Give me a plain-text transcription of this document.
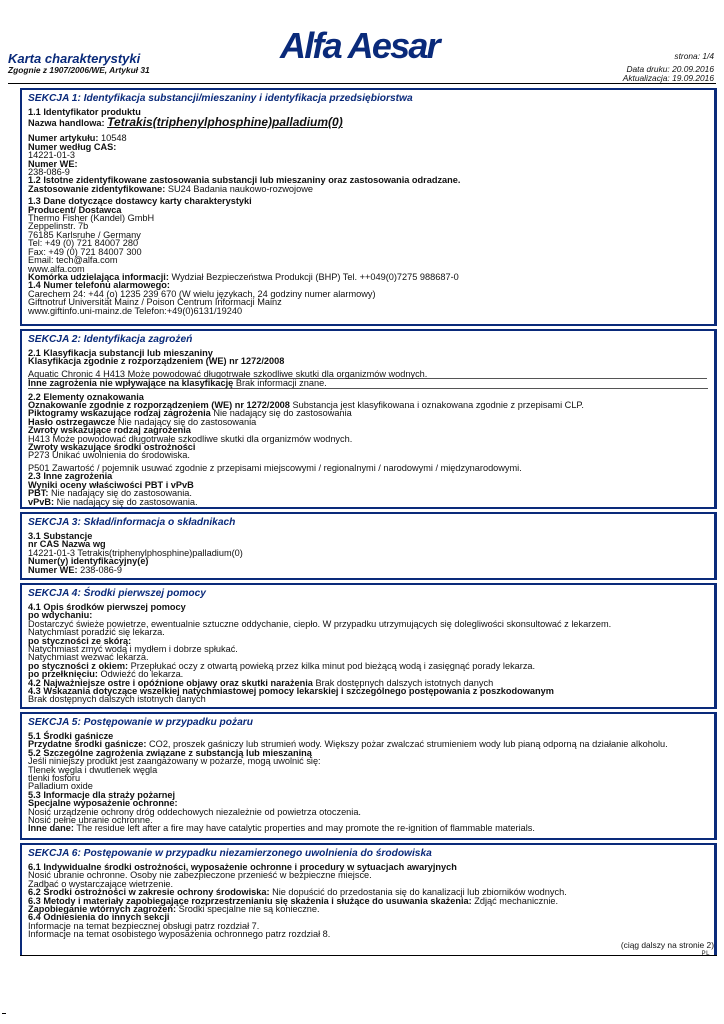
Karta charakterystyki
Zgognie z 1907/2006/WE, Artykuł 31
Alfa Aesar	strona: 1/4
Data druku: 20.09.2016
Aktualizacja: 19.09.2016
SEKCJA 1: Identyfikacja substancji/mieszaniny i identyfikacja przedsiębiorstwa
1.1 Identyfikator produktu
Nazwa handlowa: Tetrakis(triphenylphosphine)palladium(0)
Numer artykułu: 10548
Numer według CAS:
14221-01-3
Numer WE:
238-086-9
1.2 Istotne zidentyfikowane zastosowania substancji lub mieszaniny oraz zastosowania odradzane.
Zastosowanie zidentyfikowane: SU24 Badania naukowo-rozwojowe
1.3 Dane dotyczące dostawcy karty charakterystyki
Producent/ Dostawca
Thermo Fisher (Kandel) GmbH
Zeppelinstr. 7b
76185 Karlsruhe / Germany
Tel: +49 (0) 721 84007 280
Fax: +49 (0) 721 84007 300
Email: tech@alfa.com
www.alfa.com
Komórka udzielająca informacji: Wydział Bezpieczeństwa Produkcji (BHP) Tel. ++049(0)7275 988687-0
1.4 Numer telefonu alarmowego:
Carechem 24: +44 (o) 1235 239 670 (W wielu językach, 24 godziny numer alarmowy)
Giftnotruf Universität Mainz / Poison Centrum Informacji Mainz
www.giftinfo.uni-mainz.de Telefon:+49(0)6131/19240
SEKCJA 2: Identyfikacja zagrożeń
2.1 Klasyfikacja substancji lub mieszaniny
Klasyfikacja zgodnie z rozporządzeniem (WE) nr 1272/2008
Aquatic Chronic 4 H413 Może powodować długotrwałe szkodliwe skutki dla organizmów wodnych.
Inne zagrożenia nie wpływające na klasyfikację Brak informacji znane.
2.2 Elementy oznakowania
Oznakowanie zgodnie z rozporządzeniem (WE) nr 1272/2008 Substancja jest klasyfikowana i oznakowana zgodnie z przepisami CLP.
Piktogramy wskazujące rodzaj zagrożenia Nie nadający się do zastosowania
Hasło ostrzegawcze Nie nadający się do zastosowania
Zwroty wskazujące rodzaj zagrożenia
H413 Może powodować długotrwałe szkodliwe skutki dla organizmów wodnych.
Zwroty wskazujące środki ostrożności
P273 Unikać uwolnienia do środowiska.
P501 Zawartość / pojemnik usuwać zgodnie z przepisami miejscowymi / regionalnymi / narodowymi / międzynarodowymi.
2.3 Inne zagrożenia
Wyniki oceny właściwości PBT i vPvB
PBT: Nie nadający się do zastosowania.
vPvB: Nie nadający się do zastosowania.
SEKCJA 3: Skład/informacja o składnikach
3.1 Substancje
nr CAS Nazwa wg
14221-01-3 Tetrakis(triphenylphosphine)palladium(0)
Numer(y) identyfikacyjny(e)
Numer WE: 238-086-9
SEKCJA 4: Środki pierwszej pomocy
4.1 Opis środków pierwszej pomocy
po wdychaniu:
Dostarczyć świeże powietrze, ewentualnie sztuczne oddychanie, ciepło. W przypadku utrzymujących się dolegliwości skonsultować z lekarzem.
Natychmiast poradzić się lekarza.
po styczności ze skórą:
Natychmiast zmyć wodą i mydłem i dobrze spłukać.
Natychmiast wezwać lekarza.
po styczności z okiem: Przepłukać oczy z otwartą powieką przez kilka minut pod bieżącą wodą i zasięgnąć porady lekarza.
po przełknięciu: Odwieźć do lekarza.
4.2 Najważniejsze ostre i opóźnione objawy oraz skutki narażenia Brak dostępnych dalszych istotnych danych
4.3 Wskazania dotyczące wszelkiej natychmiastowej pomocy lekarskiej i szczególnego postępowania z poszkodowanym
Brak dostępnych dalszych istotnych danych
SEKCJA 5: Postępowanie w przypadku pożaru
5.1 Środki gaśnicze
Przydatne środki gaśnicze: CO2, proszek gaśniczy lub strumień wody. Większy pożar zwalczać strumieniem wody lub pianą odporną na działanie alkoholu.
5.2 Szczególne zagrożenia związane z substancją lub mieszaniną
Jeśli niniejszy produkt jest zaangażowany w pożarze, mogą uwolnić się:
Tlenek węgla i dwutlenek węgla
tlenki fosforu
Palladium oxide
5.3 Informacje dla straży pożarnej
Specjalne wyposażenie ochronne:
Nosić urządzenie ochrony dróg oddechowych niezależnie od powietrza otoczenia.
Nosić pełne ubranie ochronne.
Inne dane: The residue left after a fire may have catalytic properties and may promote the re-ignition of flammable materials.
SEKCJA 6: Postępowanie w przypadku niezamierzonego uwolnienia do środowiska
6.1 Indywidualne środki ostrożności, wyposażenie ochronne i procedury w sytuacjach awaryjnych
Nosić ubranie ochronne. Osoby nie zabezpieczone przenieść w bezpieczne miejsce.
Zadbać o wystarczające wietrzenie.
6.2 Środki ostrożności w zakresie ochrony środowiska: Nie dopuścić do przedostania się do kanalizacji lub zbiorników wodnych.
6.3 Metody i materiały zapobiegające rozprzestrzenianiu się skażenia i służące do usuwania skażenia: Zdjąć mechanicznie.
Zapobieganie wtórnych zagrożeń: Środki specjalne nie są konieczne.
6.4 Odniesienia do innych sekcji
Informacje na temat bezpiecznej obsługi patrz rozdział 7.
Informacje na temat osobistego wyposażenia ochronnego patrz rozdział 8.
(ciąg dalszy na stronie 2)
PL
